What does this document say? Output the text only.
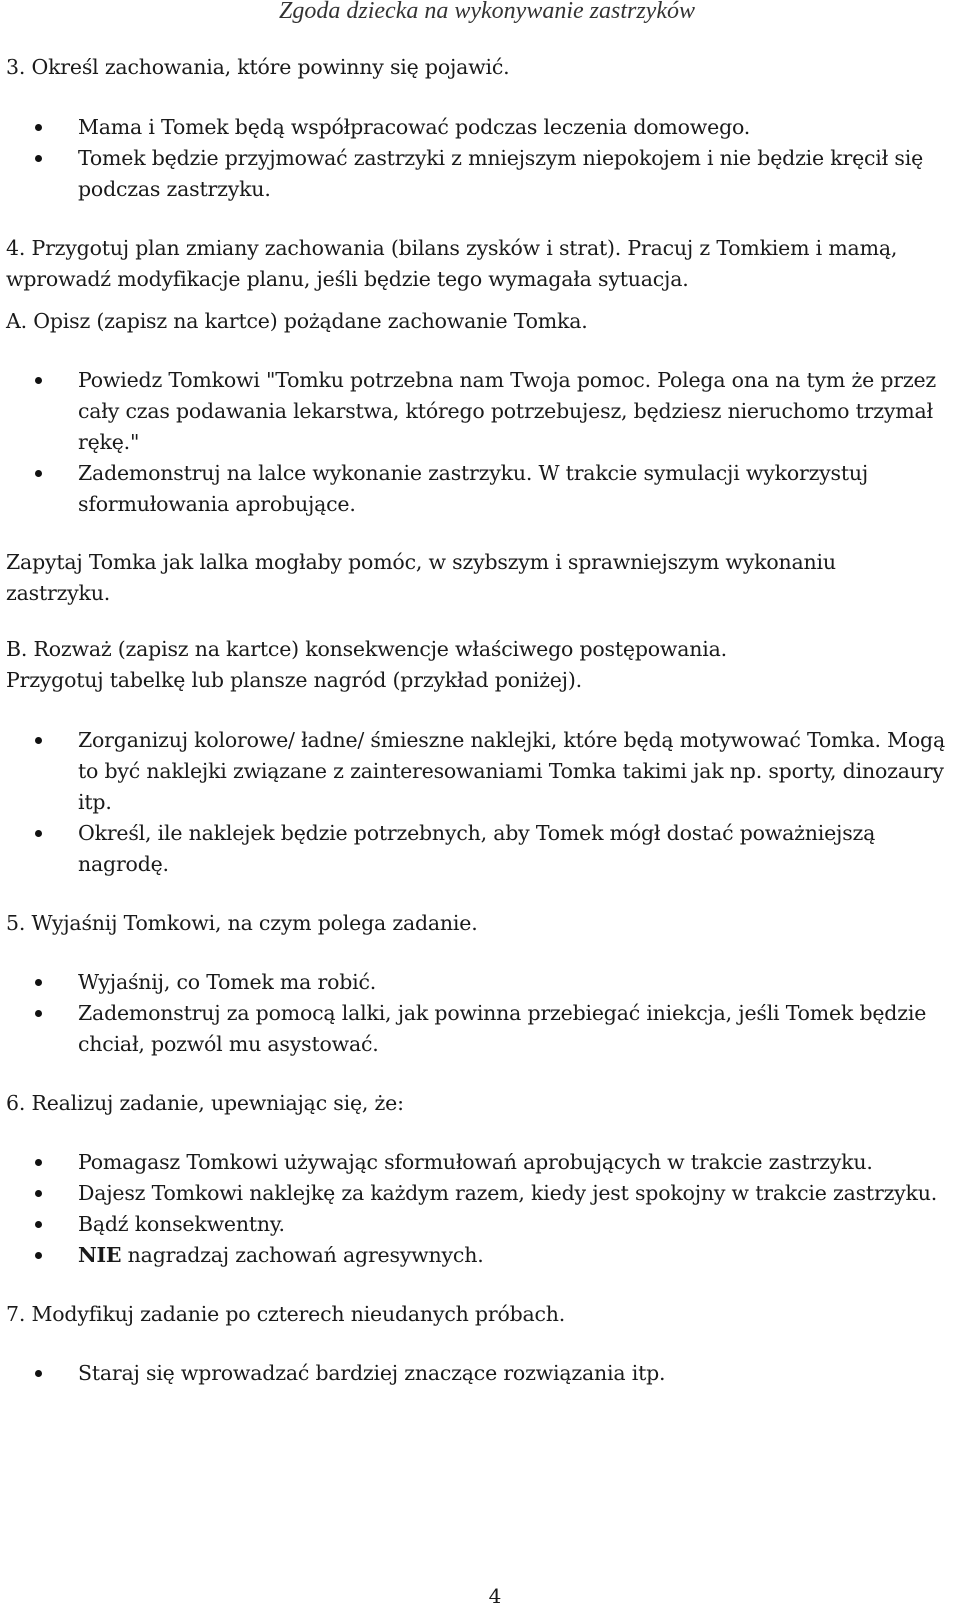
Zgoda dziecka na wykonywanie zastrzyków

3. Określ zachowania, które powinny się pojawić.

Mama i Tomek będą współpracować podczas leczenia domowego.
Tomek będzie przyjmować zastrzyki z mniejszym niepokojem i nie będzie kręcił się podczas zastrzyku.

4. Przygotuj plan zmiany zachowania (bilans zysków i strat). Pracuj z Tomkiem i mamą, wprowadź modyfikacje planu, jeśli będzie tego wymagała sytuacja.

A. Opisz (zapisz na kartce) pożądane zachowanie Tomka.

Powiedz Tomkowi "Tomku potrzebna nam Twoja pomoc. Polega ona na tym że przez cały czas podawania lekarstwa, którego potrzebujesz, będziesz nieruchomo trzymał rękę."
Zademonstruj na lalce wykonanie zastrzyku. W trakcie symulacji wykorzystuj sformułowania aprobujące.

Zapytaj Tomka jak lalka mogłaby pomóc, w szybszym i sprawniejszym wykonaniu zastrzyku.

B. Rozważ (zapisz na kartce) konsekwencje właściwego postępowania.

Przygotuj tabelkę lub plansze nagród (przykład poniżej).

Zorganizuj kolorowe/ ładne/ śmieszne naklejki, które będą motywować Tomka. Mogą to być naklejki związane z zainteresowaniami Tomka takimi jak np. sporty, dinozaury itp.
Określ, ile naklejek będzie potrzebnych, aby Tomek mógł dostać poważniejszą nagrodę.

5. Wyjaśnij Tomkowi, na czym polega zadanie.

Wyjaśnij, co Tomek ma robić.
Zademonstruj za pomocą lalki, jak powinna przebiegać iniekcja, jeśli Tomek będzie chciał, pozwól mu asystować.

6. Realizuj zadanie, upewniając się, że:

Pomagasz Tomkowi używając sformułowań aprobujących w trakcie zastrzyku.
Dajesz Tomkowi naklejkę za każdym razem, kiedy jest spokojny w trakcie zastrzyku.
Bądź konsekwentny.
NIE nagradzaj zachowań agresywnych.

7. Modyfikuj zadanie po czterech nieudanych próbach.

Staraj się wprowadzać bardziej znaczące rozwiązania itp.
4
